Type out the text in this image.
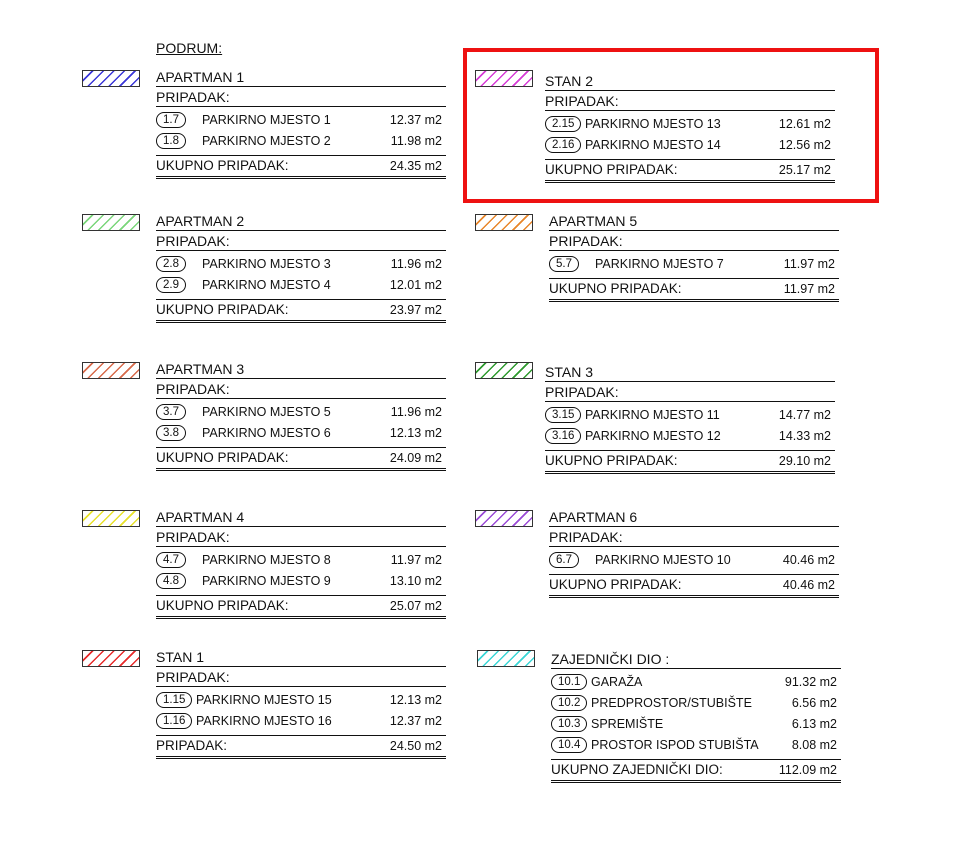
PODRUM:
APARTMAN 1
PRIPADAK:
1.7	PARKIRNO MJESTO 1	12.37 m2
1.8	PARKIRNO MJESTO 2	11.98 m2
UKUPNO PRIPADAK:	24.35 m2
STAN 2
PRIPADAK:
2.15 PARKIRNO MJESTO 13	12.61 m2
2.16 PARKIRNO MJESTO 14	12.56 m2
UKUPNO PRIPADAK:	25.17 m2
APARTMAN 2
PRIPADAK:
2.8	PARKIRNO MJESTO 3	11.96 m2
2.9	PARKIRNO MJESTO 4	12.01 m2
UKUPNO PRIPADAK:	23.97 m2
APARTMAN 5
PRIPADAK:
5.7	PARKIRNO MJESTO 7	11.97 m2
UKUPNO PRIPADAK:	11.97 m2
APARTMAN 3
PRIPADAK:
3.7	PARKIRNO MJESTO 5	11.96 m2
3.8	PARKIRNO MJESTO 6	12.13 m2
UKUPNO PRIPADAK:	24.09 m2
STAN 3
PRIPADAK:
3.15 PARKIRNO MJESTO 11	14.77 m2
3.16 PARKIRNO MJESTO 12	14.33 m2
UKUPNO PRIPADAK:	29.10 m2
APARTMAN 4
PRIPADAK:
4.7	PARKIRNO MJESTO 8	11.97 m2
4.8	PARKIRNO MJESTO 9	13.10 m2
UKUPNO PRIPADAK:	25.07 m2
APARTMAN 6
PRIPADAK:
6.7	PARKIRNO MJESTO 10	40.46 m2
UKUPNO PRIPADAK:	40.46 m2
STAN 1
PRIPADAK:
1.15 PARKIRNO MJESTO 15	12.13 m2
1.16 PARKIRNO MJESTO 16	12.37 m2
PRIPADAK:	24.50 m2
ZAJEDNIČKI DIO :
10.1 GARAŽA	91.32 m2
10.2 PREDPROSTOR/STUBIŠTE	6.56 m2
10.3 SPREMIŠTE	6.13 m2
10.4 PROSTOR ISPOD STUBIŠTA	8.08 m2
UKUPNO ZAJEDNIČKI DIO:	112.09 m2
